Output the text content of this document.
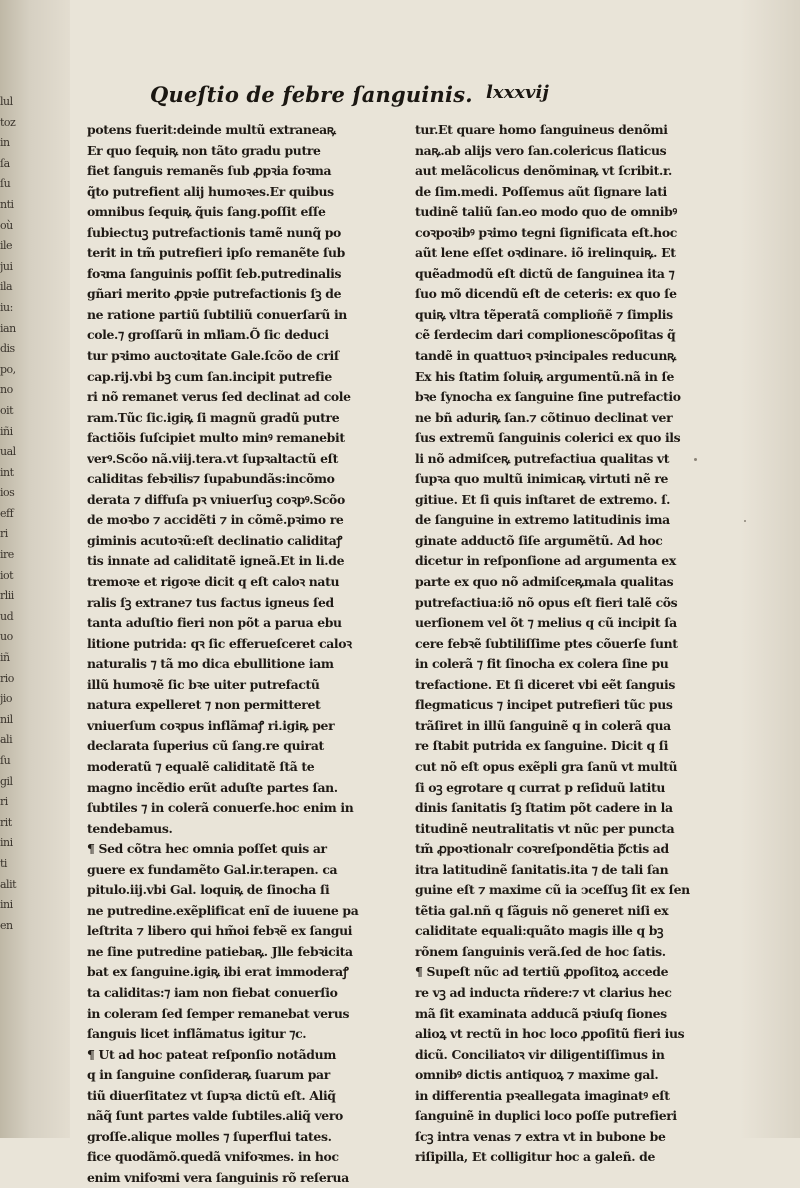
lul
toz
in
ſa
ſu
nti
où
ile
jui
ila
iu:
ian
dis
po,
no
oit
iñi
ual
int
ios
eff
ri
ire
iot
rlii
ud
uo
iñ
rio
jio
nil
ali
ſu
gil
ri
rit
ini
ti
alit
ini
en
Queſtio de febre ſanguinis. lxxxvij
potens fuerit:deinde multũ extraneaꝶ
Er quo ſequiꝶ non tãto gradu putre
fiet ſanguis remanẽs ſub ꝓpꝛia foꝛma
q̃to putrefient alij humoꝛes.Er quibus
omnibus ſequiꝶ q̃uis ſang.poſſit eſſe
ſubiectuꝫ putrefactionis tamẽ nunq̃ po
terit in tm̃ putrefieri ipſo remanẽte ſub
foꝛma ſanguinis poſſit ſeb.putredinalis
gñari merito ꝓpꝛie putrefactionis ſꝫ de
ne ratione partiũ ſubtiliũ conuerſarũ in
cole.⁊ groſſarũ in mľiam.Õ ſic deduci
tur pꝛimo auctoꝛitate Gale.ſcõo de criſ
cap.rij.vbi bꝫ cum ſan.incipit putrefie
ri nõ remanet verus ſed declinat ad cole
ram.Tũc ſic.igiꝶ ſi magnũ gradũ putre
factiõis ſuſcipiet multo minꝰ remanebit
verꝰ.Scõo nã.viij.tera.vt ſupꝛaltactũ eſt
caliditas febꝛilis⁊ ſupabundãs:incõmo
derata ⁊ diffuſa pꝛ vniuerſuꝫ coꝛpꝰ.Scõo
de moꝛbo ⁊ accidẽti ⁊ in cõmẽ.pꝛimo re
giminis acutoꝛũ:eſt declinatio caliditaꝭ
tis innate ad caliditatẽ igneã.Et in li.de
tremoꝛe et rigoꝛe dicit q eſt caloꝛ natu
ralis ſꝫ extrane⁊ tus factus igneus ſed
tanta aduſtio fieri non põt a parua ebu
litione putrida: qꝛ ſic efferueſceret caloꝛ
naturalis ⁊ tã mo dica ebullitione iam
illũ humoꝛẽ ſic bꝛe uiter putrefactũ
natura expelleret ⁊ non permitteret
vniuerſum coꝛpus inflãmaꝭ ri.igiꝶ per
declarata ſuperius cũ ſang.re quirat
moderatũ ⁊ equalẽ caliditatẽ ſtã te
magno incẽdio erũt aduſte partes ſan.
ſubtiles ⁊ in colerã conuerſe.hoc enim in
tendebamus.
¶ Sed cõtra hec omnia poſſet quis ar
guere ex fundamẽto Gal.ir.terapen. ca
pitulo.iij.vbi Gal. loquiꝶ de ſinocha ſi
ne putredine.exẽplificat enĩ de iuuene pa
leſtrita ⁊ libero qui hm̃oi febꝛẽ ex ſangui
ne ſine putredine patiebaꝶ. Jlle febꝛicita
bat ex ſanguine.igiꝶ ibi erat immoderaꝭ
ta caliditas:⁊ iam non fiebat conuerſio
in coleram ſed ſemper remanebat verus
ſanguis licet inflãmatus igitur ⁊c.
¶ Ut ad hoc pateat reſponſio notãdum
q in ſanguine conſideraꝶ ſuarum par
tiũ diuerſitatez vt ſupꝛa dictũ eſt. Aliq̃
nãq̃ ſunt partes valde ſubtiles.aliq̃ vero
groſſe.alique molles ⁊ ſuperflui tates.
fice quodãmõ.quedã vnifoꝛmes. in hoc
enim vnifoꝛmi vera ſanguinis rõ reſerua
tur.Et quare homo ſanguineus denõmi
naꝶ.ab alijs vero ſan.colericus ſlaticus
aut melãcolicus denõminaꝶ vt ſcribit.r.
de ſim.medi. Poſſemus aũt ſignare lati
tudinẽ taliũ ſan.eo modo quo de omnibꝰ
coꝛpoꝛibꝰ pꝛimo tegni ſignificata eſt.hoc
aũt lene eſſet oꝛdinare. iõ irelinquiꝶ. Et
quẽadmodũ eſt dictũ de ſanguinea ita ⁊
ſuo mõ dicendũ eſt de ceteris: ex quo ſe
quiꝶ vltra tẽperatã complioñẽ ⁊ ſimplis
cẽ ſerdecim dari complionescõpoſitas q̃
tandẽ in quattuoꝛ pꝛincipales reducunꝶ
Ex his ſtatim ſoluiꝶ argumentũ.nã in ſe
bꝛe ſynocha ex ſanguine ſine putrefactio
ne bñ aduriꝶ ſan.⁊ cõtinuo declinat ver
ſus extremũ ſanguinis colerici ex quo ils
li nõ admiſceꝶ putrefactiua qualitas vt
ſupꝛa quo multũ inimicaꝶ virtuti nẽ re
gitiue. Et ſi quis inſtaret de extremo. ſ.
de ſanguine in extremo latitudinis ima
ginate adductõ ſiſe argumẽtũ. Ad hoc
dicetur in reſponſione ad argumenta ex
parte ex quo nõ admiſceꝶmala qualitas
putrefactiua:iõ nõ opus eſt fieri talẽ cõs
uerſionem vel õt ⁊ melius q cũ incipit ſa
cere febꝛẽ ſubtiliſſime ptes cõuerſe ſunt
in colerã ⁊ fit ſinocha ex colera ſine pu
trefactione. Et ſi diceret vbi eẽt ſanguis
flegmaticus ⁊ incipet putrefieri tũc pus
trãſiret in illũ ſanguinẽ q in colerã qua
re ſtabit putrida ex ſanguine. Dicit q ſi
cut nõ eſt opus exẽpli gra ſanũ vt multũ
ſi oꝫ egrotare q currat p reſiduũ latitu
dinis ſanitatis ſꝫ ſtatim põt cadere in la
titudinẽ neutralitatis vt nũc per puncta
tm̃ ꝓpoꝛtionalr coꝛreſpondẽtia pᷓctis ad
itra latitudinẽ ſanitatis.ita ⁊ de tali ſan
guine eſt ⁊ maxime cũ ia ↄceſſuꝫ ſit ex ſen
tẽtia gal.nñ q ſãguis nõ generet niſi ex
caliditate equali:quãto magis ille q bꝫ
rõnem ſanguinis verã.ſed de hoc ſatis.
¶ Supeſt nũc ad tertiũ ꝓpoſitoꝝ accede
re vꝫ ad inducta rñdere:⁊ vt clarius hec
mã ſit examinata adducã pꝛiuſq ſiones
alioꝝ vt rectũ in hoc loco ꝓpoſitũ fieri ius
dicũ. Conciliatoꝛ vir diligentiſſimus in
omnibꝰ dictis antiquoꝝ ⁊ maxime gal.
in differentia pꝛeallegata imaginatꝰ eſt
ſanguinẽ in duplici loco poſſe putrefieri
ſcꝫ intra venas ⁊ extra vt in bubone be
riſipilla, Et colligitur hoc a galeñ. de
